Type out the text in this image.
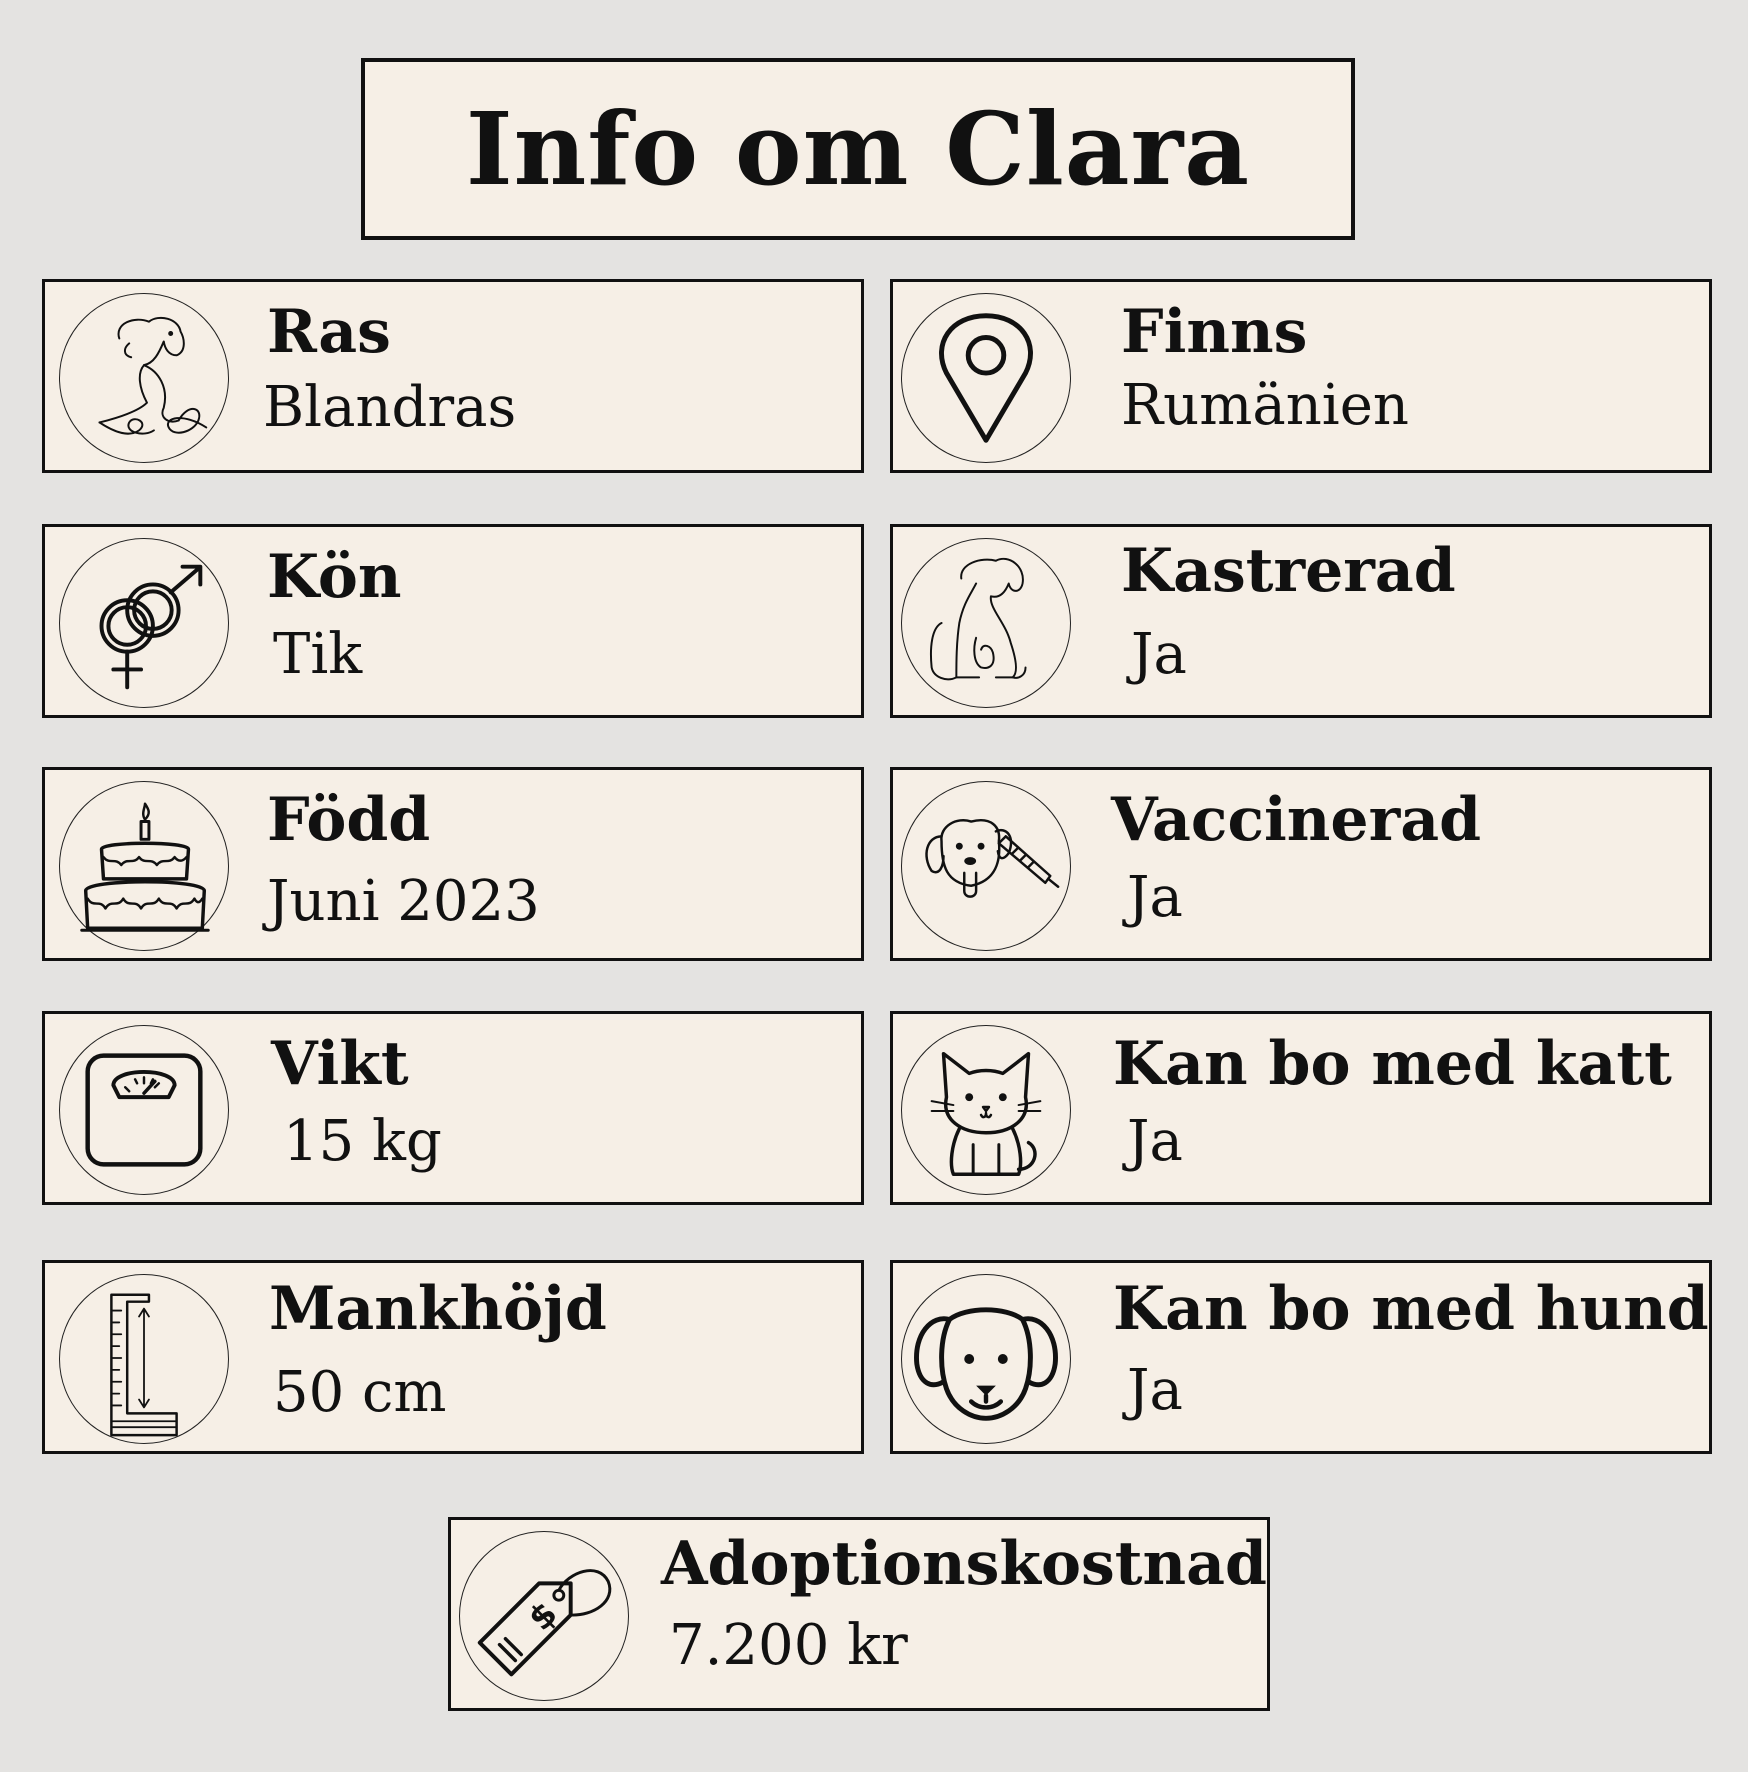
Info om Clara
Ras
Blandras
Finns
Rumänien
Kön
Tik
Kastrerad
Ja
Född
Juni 2023
Vaccinerad
Ja
Vikt
15 kg
Kan bo med katt
Ja
Mankhöjd
50 cm
Kan bo med hund
Ja
$
Adoptionskostnad
7.200 kr
